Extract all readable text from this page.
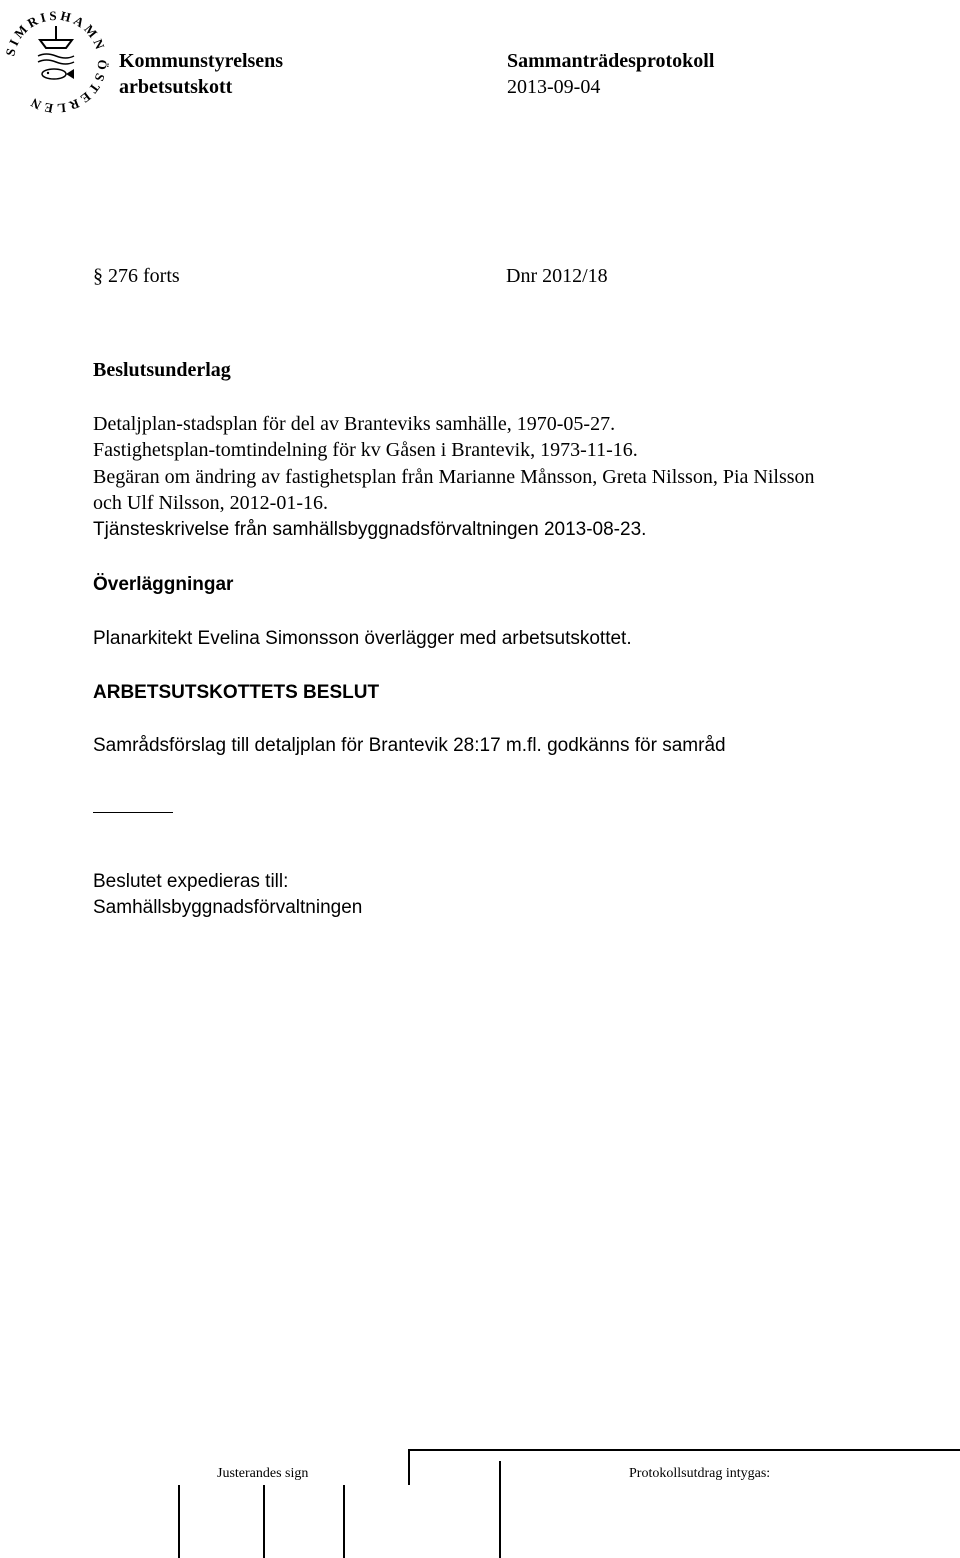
SIMRISHAMN ÖSTERLEN
Kommunstyrelsens
arbetsutskott
Sammanträdesprotokoll
2013-09-04
§ 276 forts	Dnr 2012/18
Beslutsunderlag
Detaljplan-stadsplan för del av Branteviks samhälle, 1970-05-27.
Fastighetsplan-tomtindelning för kv Gåsen i Brantevik, 1973-11-16.
Begäran om ändring av fastighetsplan från Marianne Månsson, Greta Nilsson, Pia Nilsson
och Ulf Nilsson, 2012-01-16.
Tjänsteskrivelse från samhällsbyggnadsförvaltningen 2013-08-23.
Överläggningar
Planarkitekt Evelina Simonsson överlägger med arbetsutskottet.
ARBETSUTSKOTTETS BESLUT
Samrådsförslag till detaljplan för Brantevik 28:17 m.fl. godkänns för samråd
Beslutet expedieras till:
Samhällsbyggnadsförvaltningen
Justerandes sign	Protokollsutdrag intygas:
